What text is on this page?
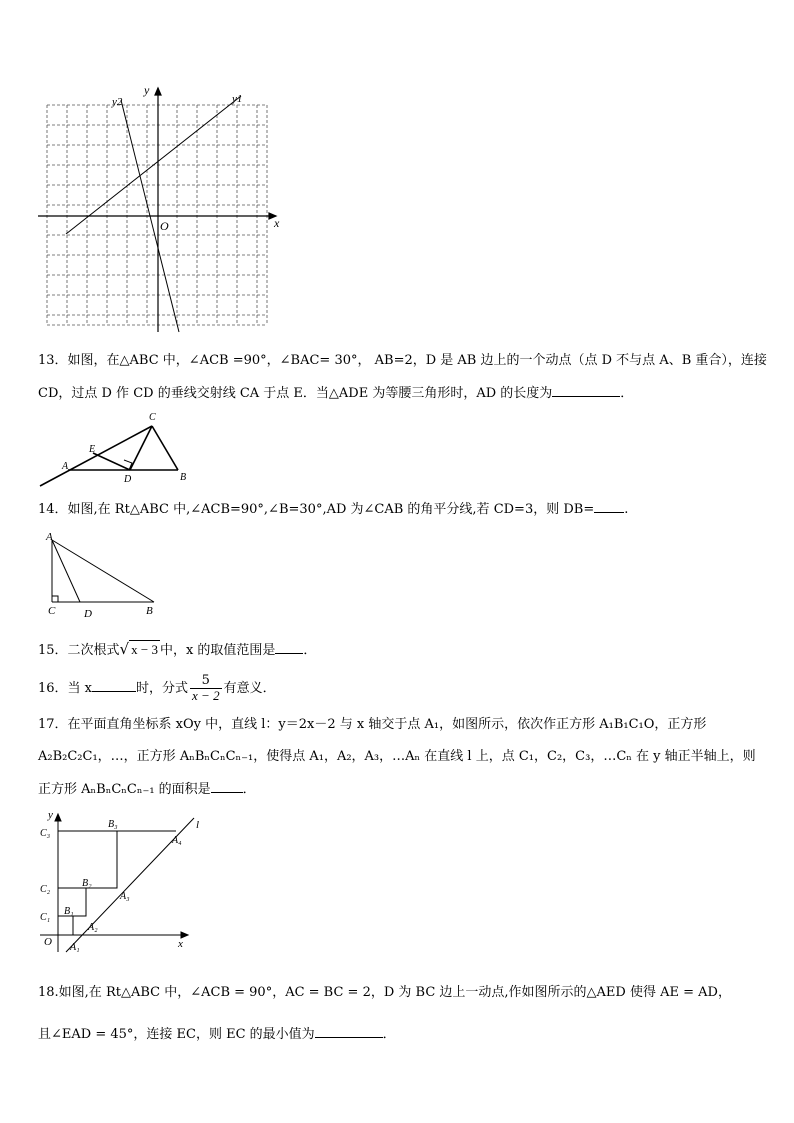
y
x
O
y1
y2
13．如图，在△ABC 中，∠ACB =90°，∠BAC= 30°， AB=2，D 是 AB 边上的一个动点（点 D 不与点 A、B 重合），连接
CD，过点 D 作 CD 的垂线交射线 CA 于点 E．当△ADE 为等腰三角形时，AD 的长度为	．
C
E
A
D	B
14．如图,在 Rt△ABC 中,∠ACB=90°,∠B=30°,AD 为∠CAB 的角平分线,若 CD=3，则 DB= .
A
C	D	B
15．二次根式√ x − 3 中，x 的取值范围是 ．
16．当 x	时，分式 $\frac{5}{x - 2}$ 有意义．
17．在平面直角坐标系 xOy 中，直线 l：y＝2x－2 与 x 轴交于点 A₁，如图所示，依次作正方形 A₁B₁C₁O，正方形
A₂B₂C₂C₁，…，正方形 AₙBₙCₙCₙ₋₁，使得点 A₁，A₂，A₃，…Aₙ 在直线 l 上，点 C₁，C₂，C₃，…Cₙ 在 y 轴正半轴上，则
正方形 AₙBₙCₙCₙ₋₁ 的面积是 ．
y
x
O
l
A₁
A₂
A₃
A₄
B₁
B₂
B₃
C₁
C₂
C₃
18.如图,在 Rt△ABC 中，∠ACB = 90°，AC = BC = 2，D 为 BC 边上一动点,作如图所示的△AED 使得 AE = AD，
且∠EAD = 45°，连接 EC，则 EC 的最小值为	．
